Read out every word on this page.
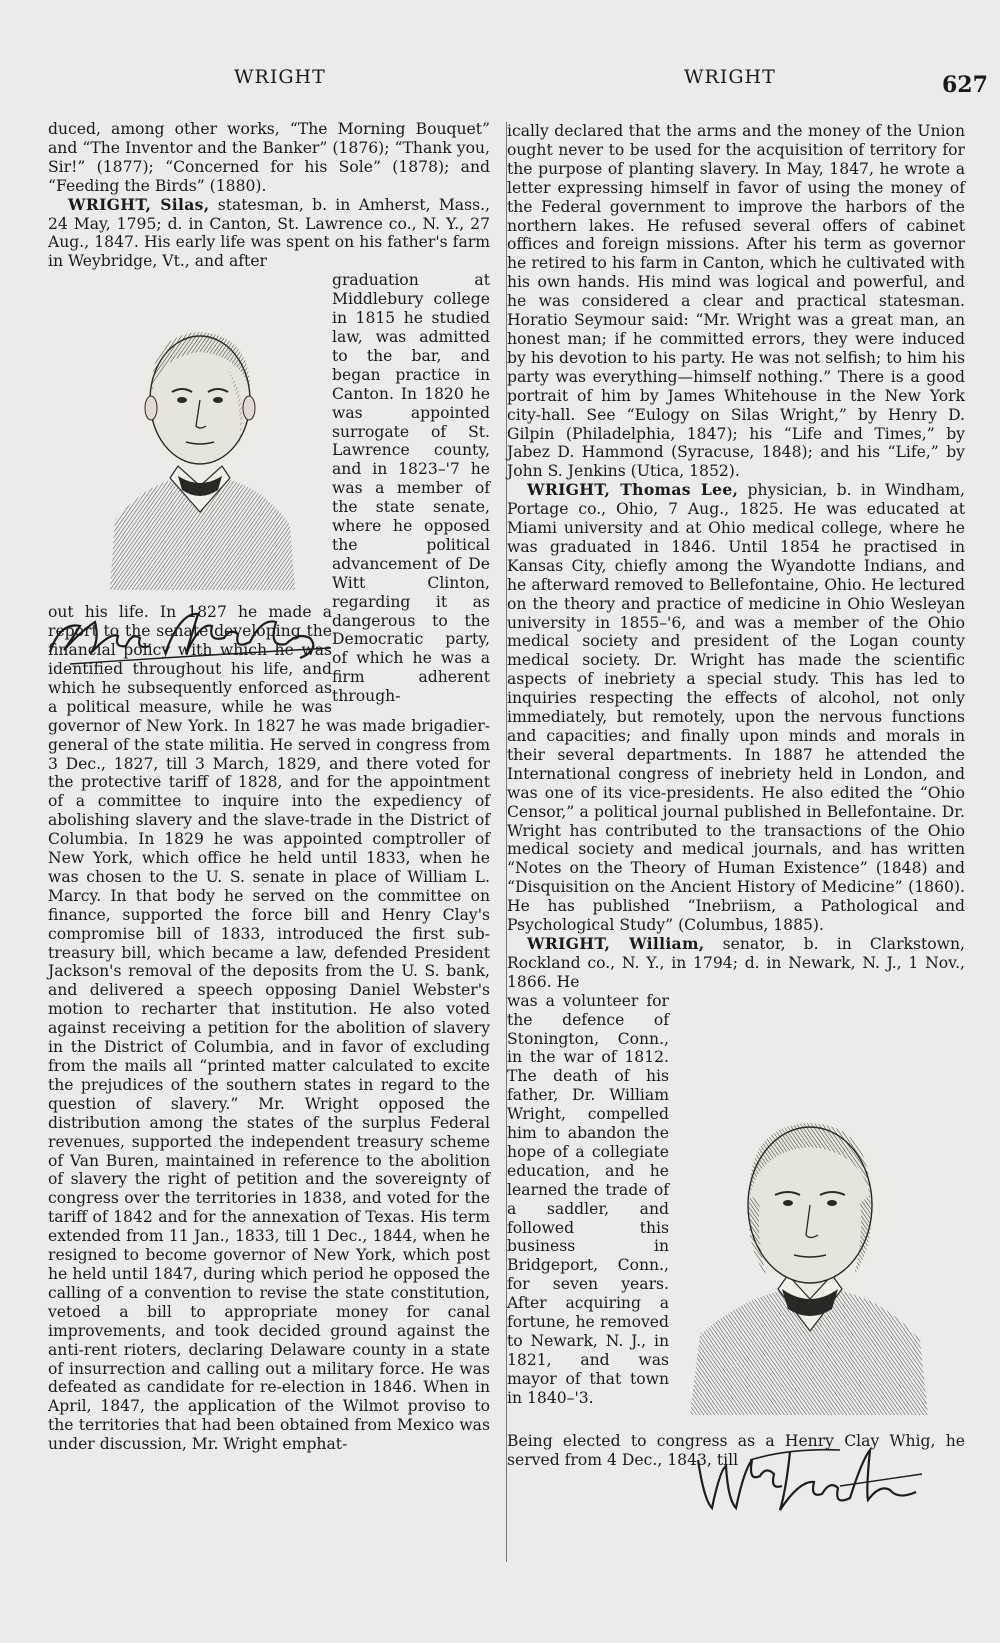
WRIGHT	WRIGHT	627

duced, among other works, “The Morning Bouquet” and “The Inventor and the Banker” (1876); “Thank you, Sir!” (1877); “Concerned for his Sole” (1878); and “Feeding the Birds” (1880).

WRIGHT, Silas, statesman, b. in Amherst, Mass., 24 May, 1795; d. in Canton, St. Lawrence co., N. Y., 27 Aug., 1847. His early life was spent on his father's farm in Weybridge, Vt., and after

graduation at Middlebury college in 1815 he studied law, was admitted to the bar, and began practice in Canton. In 1820 he was appointed surrogate of St. Lawrence county, and in 1823–'7 he was a member of the state senate, where he opposed the political advancement of De Witt Clinton, regarding it as dangerous to the Democratic party, of which he was a firm adherent through-

out his life. In 1827 he made a report to the senate developing the financial policy with which he was identified throughout his life, and which he subsequently enforced as a political measure, while he was governor of New York. In 1827 he was made brigadier-general of the state militia. He served in congress from 3 Dec., 1827, till 3 March, 1829, and there voted for the protective tariff of 1828, and for the appointment of a committee to inquire into the expediency of abolishing slavery and the slave-trade in the District of Columbia. In 1829 he was appointed comptroller of New York, which office he held until 1833, when he was chosen to the U. S. senate in place of William L. Marcy. In that body he served on the committee on finance, supported the force bill and Henry Clay's compromise bill of 1833, introduced the first sub-treasury bill, which became a law, defended President Jackson's removal of the deposits from the U. S. bank, and delivered a speech opposing Daniel Webster's motion to recharter that institution. He also voted against receiving a petition for the abolition of slavery in the District of Columbia, and in favor of excluding from the mails all “printed matter calculated to excite the prejudices of the southern states in regard to the question of slavery.” Mr. Wright opposed the distribution among the states of the surplus Federal revenues, supported the independent treasury scheme of Van Buren, maintained in reference to the abolition of slavery the right of petition and the sovereignty of congress over the territories in 1838, and voted for the tariff of 1842 and for the annexation of Texas. His term extended from 11 Jan., 1833, till 1 Dec., 1844, when he resigned to become governor of New York, which post he held until 1847, during which period he opposed the calling of a convention to revise the state constitution, vetoed a bill to appropriate money for canal improvements, and took decided ground against the anti-rent rioters, declaring Delaware county in a state of insurrection and calling out a military force. He was defeated as candidate for re-election in 1846. When in April, 1847, the application of the Wilmot proviso to the territories that had been obtained from Mexico was under discussion, Mr. Wright emphat-

ically declared that the arms and the money of the Union ought never to be used for the acquisition of territory for the purpose of planting slavery. In May, 1847, he wrote a letter expressing himself in favor of using the money of the Federal government to improve the harbors of the northern lakes. He refused several offers of cabinet offices and foreign missions. After his term as governor he retired to his farm in Canton, which he cultivated with his own hands. His mind was logical and powerful, and he was considered a clear and practical statesman. Horatio Seymour said: “Mr. Wright was a great man, an honest man; if he committed errors, they were induced by his devotion to his party. He was not selfish; to him his party was everything—himself nothing.” There is a good portrait of him by James Whitehouse in the New York city-hall. See “Eulogy on Silas Wright,” by Henry D. Gilpin (Philadelphia, 1847); his “Life and Times,” by Jabez D. Hammond (Syracuse, 1848); and his “Life,” by John S. Jenkins (Utica, 1852).

WRIGHT, Thomas Lee, physician, b. in Windham, Portage co., Ohio, 7 Aug., 1825. He was educated at Miami university and at Ohio medical college, where he was graduated in 1846. Until 1854 he practised in Kansas City, chiefly among the Wyandotte Indians, and he afterward removed to Bellefontaine, Ohio. He lectured on the theory and practice of medicine in Ohio Wesleyan university in 1855–'6, and was a member of the Ohio medical society and president of the Logan county medical society. Dr. Wright has made the scientific aspects of inebriety a special study. This has led to inquiries respecting the effects of alcohol, not only immediately, but remotely, upon the nervous functions and capacities; and finally upon minds and morals in their several departments. In 1887 he attended the International congress of inebriety held in London, and was one of its vice-presidents. He also edited the “Ohio Censor,” a political journal published in Bellefontaine. Dr. Wright has contributed to the transactions of the Ohio medical society and medical journals, and has written “Notes on the Theory of Human Existence” (1848) and “Disquisition on the Ancient History of Medicine” (1860). He has published “Inebriism, a Pathological and Psychological Study” (Columbus, 1885).

WRIGHT, William, senator, b. in Clarkstown, Rockland co., N. Y., in 1794; d. in Newark, N. J., 1 Nov., 1866. He

was a volunteer for the defence of Stonington, Conn., in the war of 1812. The death of his father, Dr. William Wright, compelled him to abandon the hope of a collegiate education, and he learned the trade of a saddler, and followed this business in Bridgeport, Conn., for seven years. After acquiring a fortune, he removed to Newark, N. J., in 1821, and was mayor of that town in 1840–'3.

Being elected to congress as a Henry Clay Whig, he served from 4 Dec., 1843, till
